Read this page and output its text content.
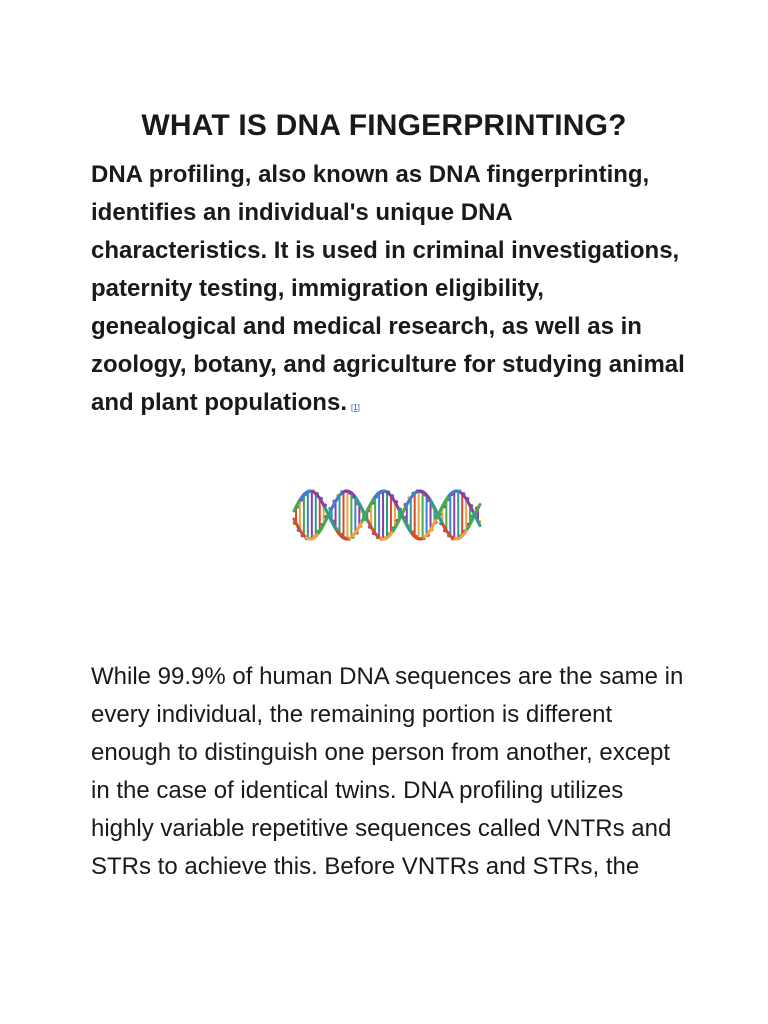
WHAT IS DNA FINGERPRINTING?

DNA profiling, also known as DNA fingerprinting, identifies an individual's unique DNA characteristics. It is used in criminal investigations, paternity testing, immigration eligibility, genealogical and medical research, as well as in zoology, botany, and agriculture for studying animal and plant populations. [1]

While 99.9% of human DNA sequences are the same in every individual, the remaining portion is different enough to distinguish one person from another, except in the case of identical twins. DNA profiling utilizes highly variable repetitive sequences called VNTRs and STRs to achieve this. Before VNTRs and STRs, the
